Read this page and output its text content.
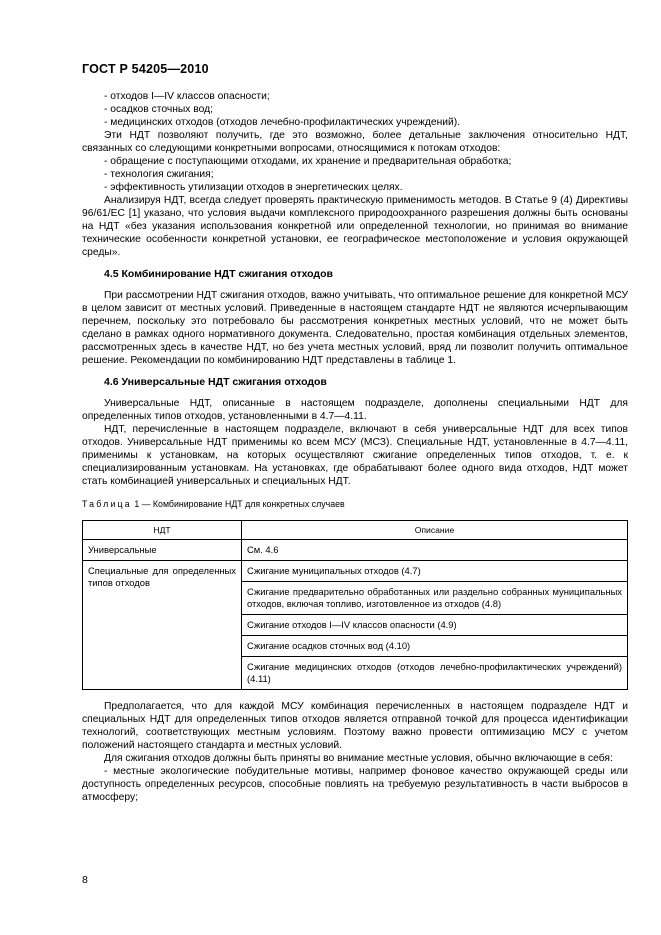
ГОСТ Р 54205—2010

- отходов I—IV классов опасности;

- осадков сточных вод;

- медицинских отходов (отходов лечебно-профилактических учреждений).

Эти НДТ позволяют получить, где это возможно, более детальные заключения относительно НДТ, связанных со следующими конкретными вопросами, относящимися к потокам отходов:

- обращение с поступающими отходами, их хранение и предварительная обработка;

- технология сжигания;

- эффективность утилизации отходов в энергетических целях.

Анализируя НДТ, всегда следует проверять практическую применимость методов. В Статье 9 (4) Директивы 96/61/ЕС [1] указано, что условия выдачи комплексного природоохранного разрешения должны быть основаны на НДТ «без указания использования конкретной или определенной технологии, но принимая во внимание технические особенности конкретной установки, ее географическое местоположение и условия окружающей среды».

4.5 Комбинирование НДТ сжигания отходов

При рассмотрении НДТ сжигания отходов, важно учитывать, что оптимальное решение для конкретной МСУ в целом зависит от местных условий. Приведенные в настоящем стандарте НДТ не являются исчерпывающим перечнем, поскольку это потребовало бы рассмотрения конкретных местных условий, что не может быть сделано в рамках одного нормативного документа. Следовательно, простая комбинация отдельных элементов, рассмотренных здесь в качестве НДТ, но без учета местных условий, вряд ли позволит получить оптимальное решение. Рекомендации по комбинированию НДТ представлены в таблице 1.

4.6 Универсальные НДТ сжигания отходов

Универсальные НДТ, описанные в настоящем подразделе, дополнены специальными НДТ для определенных типов отходов, установленными в 4.7—4.11.

НДТ, перечисленные в настоящем подразделе, включают в себя универсальные НДТ для всех типов отходов. Универсальные НДТ применимы ко всем МСУ (МСЗ). Специальные НДТ, установленные в 4.7—4.11, применимы к установкам, на которых осуществляют сжигание определенных типов отходов, т. е. к специализированным установкам. На установках, где обрабатывают более одного вида отходов, НДТ может стать комбинацией универсальных и специальных НДТ.

Таблица 1 — Комбинирование НДТ для конкретных случаев

НДТ	Описание
Универсальные	См. 4.6
Специальные для определенных типов отходов	Сжигание муниципальных отходов (4.7)
	Сжигание предварительно обработанных или раздельно собранных муниципальных отходов, включая топливо, изготовленное из отходов (4.8)
	Сжигание отходов I—IV классов опасности (4.9)
	Сжигание осадков сточных вод (4.10)
	Сжигание медицинских отходов (отходов лечебно-профилактических учреждений) (4.11)

Предполагается, что для каждой МСУ комбинация перечисленных в настоящем подразделе НДТ и специальных НДТ для определенных типов отходов является отправной точкой для процесса идентификации технологий, соответствующих местным условиям. Поэтому важно провести оптимизацию МСУ с учетом положений настоящего стандарта и местных условий.

Для сжигания отходов должны быть приняты во внимание местные условия, обычно включающие в себя:

- местные экологические побудительные мотивы, например фоновое качество окружающей среды или доступность определенных ресурсов, способные повлиять на требуемую результативность в части выбросов в атмосферу;

8
